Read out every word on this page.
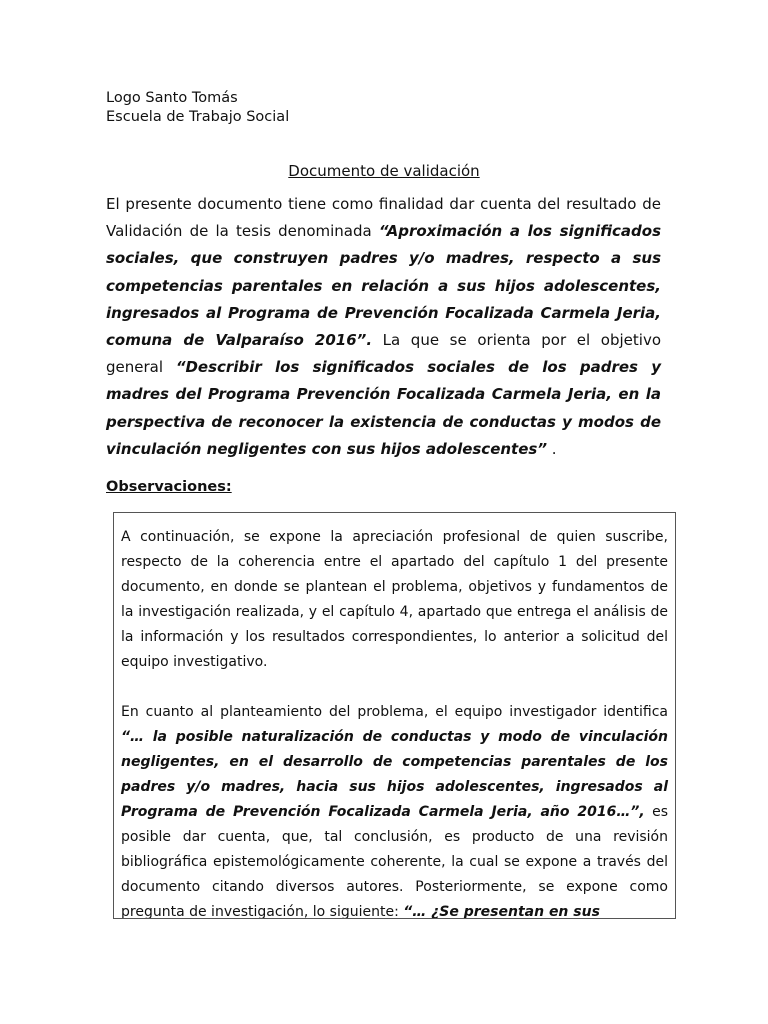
Logo Santo Tomás
Escuela de Trabajo Social
Documento de validación

El presente documento tiene como finalidad dar cuenta del resultado de Validación de la tesis denominada “Aproximación a los significados sociales, que construyen padres y/o madres, respecto a sus competencias parentales en relación a sus hijos adolescentes, ingresados al Programa de Prevención Focalizada Carmela Jeria, comuna de Valparaíso 2016”. La que se orienta por el objetivo general “Describir los significados sociales de los padres y madres del Programa Prevención Focalizada Carmela Jeria, en la perspectiva de reconocer la existencia de conductas y modos de vinculación negligentes con sus hijos adolescentes” .

Observaciones:

A continuación, se expone la apreciación profesional de quien suscribe, respecto de la coherencia entre el apartado del capítulo 1 del presente documento, en donde se plantean el problema, objetivos y fundamentos de la investigación realizada, y el capítulo 4, apartado que entrega el análisis de la información y los resultados correspondientes, lo anterior a solicitud del equipo investigativo.

En cuanto al planteamiento del problema, el equipo investigador identifica “… la posible naturalización de conductas y modo de vinculación negligentes, en el desarrollo de competencias parentales de los padres y/o madres, hacia sus hijos adolescentes, ingresados al Programa de Prevención Focalizada Carmela Jeria, año 2016…”, es posible dar cuenta, que, tal conclusión, es producto de una revisión bibliográfica epistemológicamente coherente, la cual se expone a través del documento citando diversos autores. Posteriormente, se expone como pregunta de investigación, lo siguiente: “… ¿Se presentan en sus
